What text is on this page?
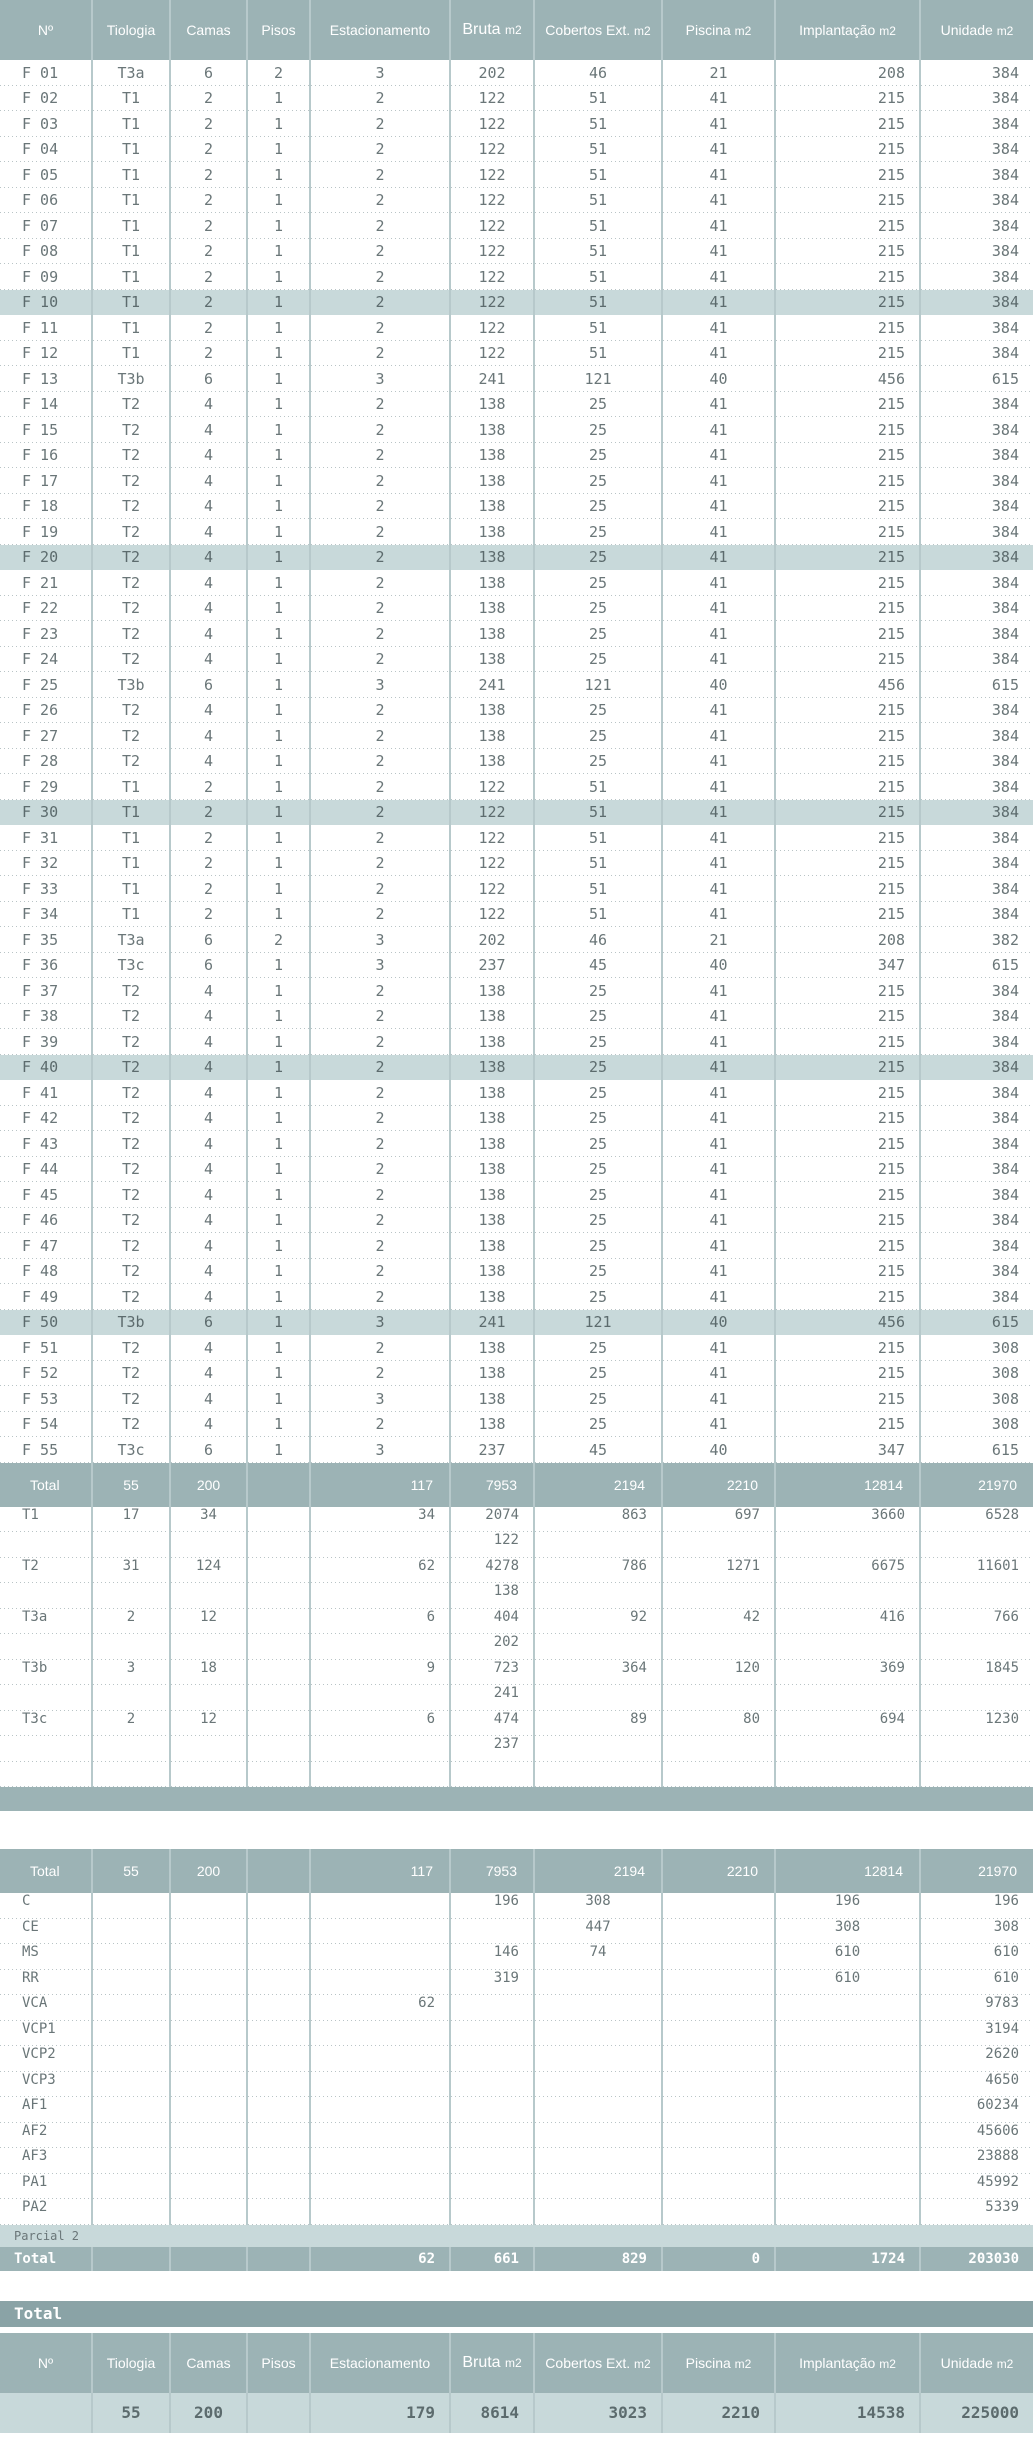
Nº	Tiologia	Camas	Pisos	Estacionamento	Bruta m2	Cobertos Ext. m2	Piscina m2	Implantação m2	Unidade m2
F 01	T3a	6	2	3	202	46	21	208	384
F 02	T1	2	1	2	122	51	41	215	384
F 03	T1	2	1	2	122	51	41	215	384
F 04	T1	2	1	2	122	51	41	215	384
F 05	T1	2	1	2	122	51	41	215	384
F 06	T1	2	1	2	122	51	41	215	384
F 07	T1	2	1	2	122	51	41	215	384
F 08	T1	2	1	2	122	51	41	215	384
F 09	T1	2	1	2	122	51	41	215	384
F 10	T1	2	1	2	122	51	41	215	384
F 11	T1	2	1	2	122	51	41	215	384
F 12	T1	2	1	2	122	51	41	215	384
F 13	T3b	6	1	3	241	121	40	456	615
F 14	T2	4	1	2	138	25	41	215	384
F 15	T2	4	1	2	138	25	41	215	384
F 16	T2	4	1	2	138	25	41	215	384
F 17	T2	4	1	2	138	25	41	215	384
F 18	T2	4	1	2	138	25	41	215	384
F 19	T2	4	1	2	138	25	41	215	384
F 20	T2	4	1	2	138	25	41	215	384
F 21	T2	4	1	2	138	25	41	215	384
F 22	T2	4	1	2	138	25	41	215	384
F 23	T2	4	1	2	138	25	41	215	384
F 24	T2	4	1	2	138	25	41	215	384
F 25	T3b	6	1	3	241	121	40	456	615
F 26	T2	4	1	2	138	25	41	215	384
F 27	T2	4	1	2	138	25	41	215	384
F 28	T2	4	1	2	138	25	41	215	384
F 29	T1	2	1	2	122	51	41	215	384
F 30	T1	2	1	2	122	51	41	215	384
F 31	T1	2	1	2	122	51	41	215	384
F 32	T1	2	1	2	122	51	41	215	384
F 33	T1	2	1	2	122	51	41	215	384
F 34	T1	2	1	2	122	51	41	215	384
F 35	T3a	6	2	3	202	46	21	208	382
F 36	T3c	6	1	3	237	45	40	347	615
F 37	T2	4	1	2	138	25	41	215	384
F 38	T2	4	1	2	138	25	41	215	384
F 39	T2	4	1	2	138	25	41	215	384
F 40	T2	4	1	2	138	25	41	215	384
F 41	T2	4	1	2	138	25	41	215	384
F 42	T2	4	1	2	138	25	41	215	384
F 43	T2	4	1	2	138	25	41	215	384
F 44	T2	4	1	2	138	25	41	215	384
F 45	T2	4	1	2	138	25	41	215	384
F 46	T2	4	1	2	138	25	41	215	384
F 47	T2	4	1	2	138	25	41	215	384
F 48	T2	4	1	2	138	25	41	215	384
F 49	T2	4	1	2	138	25	41	215	384
F 50	T3b	6	1	3	241	121	40	456	615
F 51	T2	4	1	2	138	25	41	215	308
F 52	T2	4	1	2	138	25	41	215	308
F 53	T2	4	1	3	138	25	41	215	308
F 54	T2	4	1	2	138	25	41	215	308
F 55	T3c	6	1	3	237	45	40	347	615
Total	55	200		117	7953	2194	2210	12814	21970
T1	17	34		34	2074	863	697	3660	6528
					122				
T2	31	124		62	4278	786	1271	6675	11601
					138				
T3a	2	12		6	404	92	42	416	766
					202				
T3b	3	18		9	723	364	120	369	1845
					241				
T3c	2	12		6	474	89	80	694	1230
					237				

Total	55	200		117	7953	2194	2210	12814	21970
C					196	308		196	196
CE						447		308	308
MS					146	74		610	610
RR					319			610	610
VCA				62					9783
VCP1									3194
VCP2									2620
VCP3									4650
AF1									60234
AF2									45606
AF3									23888
PA1									45992
PA2									5339
Parcial 2									
Total				62	661	829	0	1724	203030
Total
Nº	Tiologia	Camas	Pisos	Estacionamento	Bruta m2	Cobertos Ext. m2	Piscina m2	Implantação m2	Unidade m2
	55	200		179	8614	3023	2210	14538	225000
